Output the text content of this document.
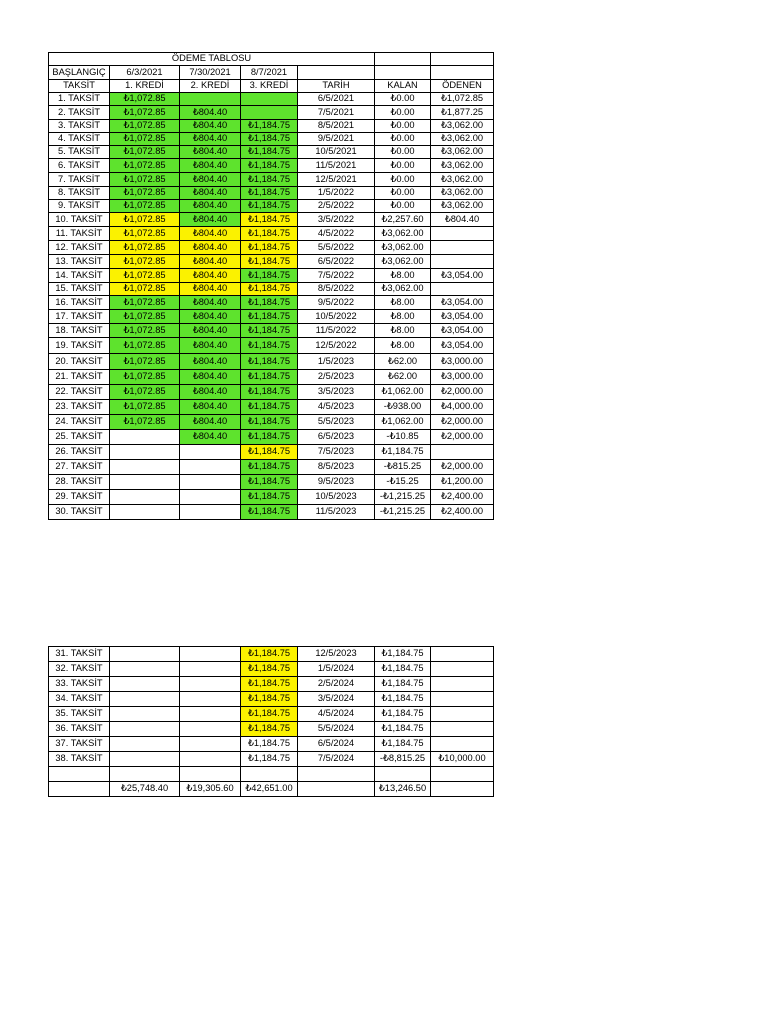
ÖDEME TABLOSU						
BAŞLANGIÇ	6/3/2021	7/30/2021	8/7/2021			
TAKSİT	1. KREDİ	2. KREDİ	3. KREDİ	TARİH	KALAN	ÖDENEN
1. TAKSİT	₺1,072.85			6/5/2021	₺0.00	₺1,072.85
2. TAKSİT	₺1,072.85	₺804.40		7/5/2021	₺0.00	₺1,877.25
3. TAKSİT	₺1,072.85	₺804.40	₺1,184.75	8/5/2021	₺0.00	₺3,062.00
4. TAKSİT	₺1,072.85	₺804.40	₺1,184.75	9/5/2021	₺0.00	₺3,062.00
5. TAKSİT	₺1,072.85	₺804.40	₺1,184.75	10/5/2021	₺0.00	₺3,062.00
6. TAKSİT	₺1,072.85	₺804.40	₺1,184.75	11/5/2021	₺0.00	₺3,062.00
7. TAKSİT	₺1,072.85	₺804.40	₺1,184.75	12/5/2021	₺0.00	₺3,062.00
8. TAKSİT	₺1,072.85	₺804.40	₺1,184.75	1/5/2022	₺0.00	₺3,062.00
9. TAKSİT	₺1,072.85	₺804.40	₺1,184.75	2/5/2022	₺0.00	₺3,062.00
10. TAKSİT	₺1,072.85	₺804.40	₺1,184.75	3/5/2022	₺2,257.60	₺804.40
11. TAKSİT	₺1,072.85	₺804.40	₺1,184.75	4/5/2022	₺3,062.00	
12. TAKSİT	₺1,072.85	₺804.40	₺1,184.75	5/5/2022	₺3,062.00	
13. TAKSİT	₺1,072.85	₺804.40	₺1,184.75	6/5/2022	₺3,062.00	
14. TAKSİT	₺1,072.85	₺804.40	₺1,184.75	7/5/2022	₺8.00	₺3,054.00
15. TAKSİT	₺1,072.85	₺804.40	₺1,184.75	8/5/2022	₺3,062.00	
16. TAKSİT	₺1,072.85	₺804.40	₺1,184.75	9/5/2022	₺8.00	₺3,054.00
17. TAKSİT	₺1,072.85	₺804.40	₺1,184.75	10/5/2022	₺8.00	₺3,054.00
18. TAKSİT	₺1,072.85	₺804.40	₺1,184.75	11/5/2022	₺8.00	₺3,054.00
19. TAKSİT	₺1,072.85	₺804.40	₺1,184.75	12/5/2022	₺8.00	₺3,054.00
20. TAKSİT	₺1,072.85	₺804.40	₺1,184.75	1/5/2023	₺62.00	₺3,000.00
21. TAKSİT	₺1,072.85	₺804.40	₺1,184.75	2/5/2023	₺62.00	₺3,000.00
22. TAKSİT	₺1,072.85	₺804.40	₺1,184.75	3/5/2023	₺1,062.00	₺2,000.00
23. TAKSİT	₺1,072.85	₺804.40	₺1,184.75	4/5/2023	-₺938.00	₺4,000.00
24. TAKSİT	₺1,072.85	₺804.40	₺1,184.75	5/5/2023	₺1,062.00	₺2,000.00
25. TAKSİT		₺804.40	₺1,184.75	6/5/2023	-₺10.85	₺2,000.00
26. TAKSİT			₺1,184.75	7/5/2023	₺1,184.75	
27. TAKSİT			₺1,184.75	8/5/2023	-₺815.25	₺2,000.00
28. TAKSİT			₺1,184.75	9/5/2023	-₺15.25	₺1,200.00
29. TAKSİT			₺1,184.75	10/5/2023	-₺1,215.25	₺2,400.00
30. TAKSİT			₺1,184.75	11/5/2023	-₺1,215.25	₺2,400.00
31. TAKSİT			₺1,184.75	12/5/2023	₺1,184.75	
32. TAKSİT			₺1,184.75	1/5/2024	₺1,184.75	
33. TAKSİT			₺1,184.75	2/5/2024	₺1,184.75	
34. TAKSİT			₺1,184.75	3/5/2024	₺1,184.75	
35. TAKSİT			₺1,184.75	4/5/2024	₺1,184.75	
36. TAKSİT			₺1,184.75	5/5/2024	₺1,184.75	
37. TAKSİT			₺1,184.75	6/5/2024	₺1,184.75	
38. TAKSİT			₺1,184.75	7/5/2024	-₺8,815.25	₺10,000.00

	₺25,748.40	₺19,305.60	₺42,651.00		₺13,246.50	
